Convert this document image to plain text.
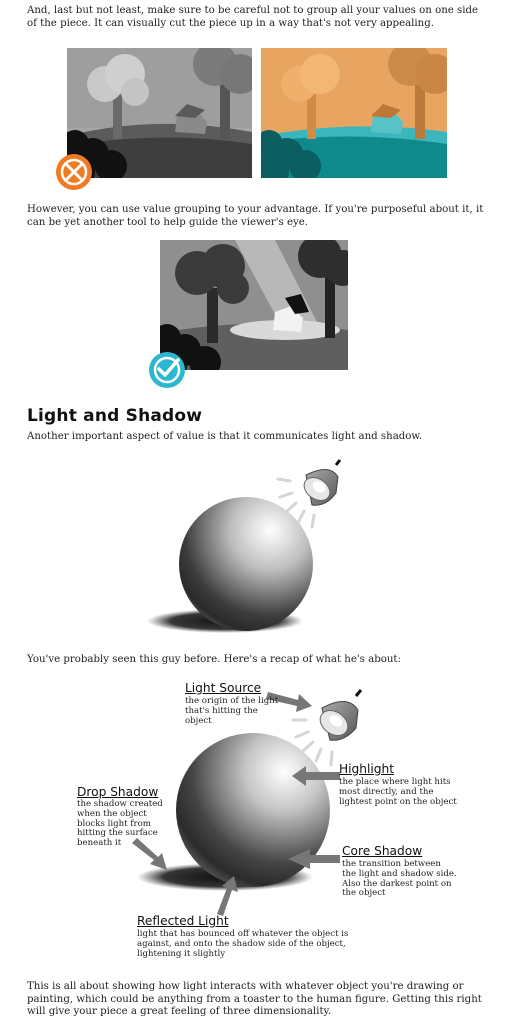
And, last but not least, make sure to be careful not to group all your values on one side of the piece. It can visually cut the piece up in a way that's not very appealing.
However, you can use value grouping to your advantage. If you're purposeful about it, it can be yet another tool to help guide the viewer's eye.
Light and Shadow
Another important aspect of value is that it communicates light and shadow.
You've probably seen this guy before. Here's a recap of what he's about:
Light Source
the origin of the light that's hitting the object
Highlight
the place where light hits most directly, and the lightest point on the object
Drop Shadow
the shadow created when the object blocks light from hitting the surface beneath it
Core Shadow
the transition between the light and shadow side. Also the darkest point on the object
Reflected Light
light that has bounced off whatever the object is against, and onto the shadow side of the object, lightening it slightly
This is all about showing how light interacts with whatever object you're drawing or painting, which could be anything from a toaster to the human figure. Getting this right will give your piece a great feeling of three dimensionality.
